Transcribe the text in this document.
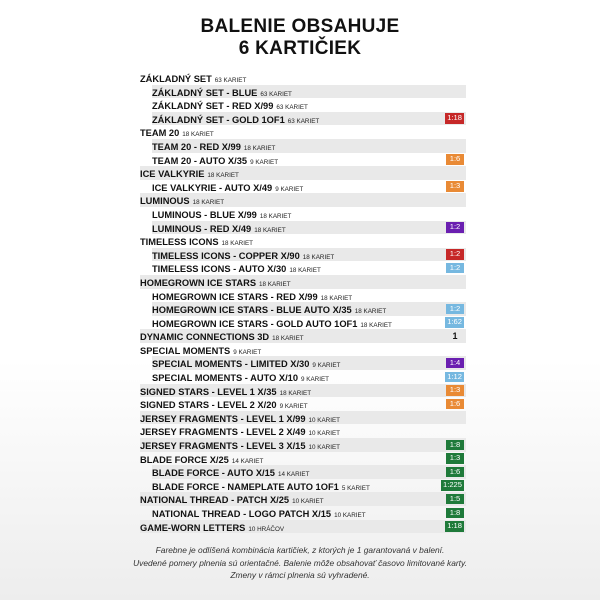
BALENIE OBSAHUJE
6 KARTIČIEK
ZÁKLADNÝ SET 63 KARIET
ZÁKLADNÝ SET - BLUE 63 KARIET
ZÁKLADNÝ SET - RED X/99 63 KARIET
ZÁKLADNÝ SET - GOLD 1OF1 63 KARIET	1:18
TEAM 20 18 KARIET
TEAM 20 - RED X/99 18 KARIET
TEAM 20 - AUTO X/35 9 KARIET	1:6
ICE VALKYRIE 18 KARIET
ICE VALKYRIE - AUTO X/49 9 KARIET	1:3
LUMINOUS 18 KARIET
LUMINOUS - BLUE X/99 18 KARIET
LUMINOUS - RED X/49 18 KARIET	1:2
TIMELESS ICONS 18 KARIET
TIMELESS ICONS - COPPER X/90 18 KARIET	1:2
TIMELESS ICONS - AUTO X/30 18 KARIET	1:2
HOMEGROWN ICE STARS 18 KARIET
HOMEGROWN ICE STARS - RED X/99 18 KARIET
HOMEGROWN ICE STARS - BLUE AUTO X/35 18 KARIET	1:2
HOMEGROWN ICE STARS - GOLD AUTO 1OF1 18 KARIET	1:62
DYNAMIC CONNECTIONS 3D 18 KARIET	1
SPECIAL MOMENTS 9 KARIET
SPECIAL MOMENTS - LIMITED X/30 9 KARIET	1:4
SPECIAL MOMENTS - AUTO X/10 9 KARIET	1:12
SIGNED STARS - LEVEL 1 X/35 18 KARIET	1:3
SIGNED STARS - LEVEL 2 X/20 9 KARIET	1:6
JERSEY FRAGMENTS - LEVEL 1 X/99 10 KARIET
JERSEY FRAGMENTS - LEVEL 2 X/49 10 KARIET
JERSEY FRAGMENTS - LEVEL 3 X/15 10 KARIET	1:8
BLADE FORCE X/25 14 KARIET	1:3
BLADE FORCE - AUTO X/15 14 KARIET	1:6
BLADE FORCE - NAMEPLATE AUTO 1OF1 5 KARIET	1:225
NATIONAL THREAD - PATCH X/25 10 KARIET	1:5
NATIONAL THREAD - LOGO PATCH X/15 10 KARIET	1:8
GAME-WORN LETTERS 10 HRÁČOV	1:18
Farebne je odlíšená kombinácia kartičiek, z ktorých je 1 garantovaná v balení.
Uvedené pomery plnenia sú orientačné. Balenie môže obsahovať časovo limitované karty.
Zmeny v rámci plnenia sú vyhradené.
